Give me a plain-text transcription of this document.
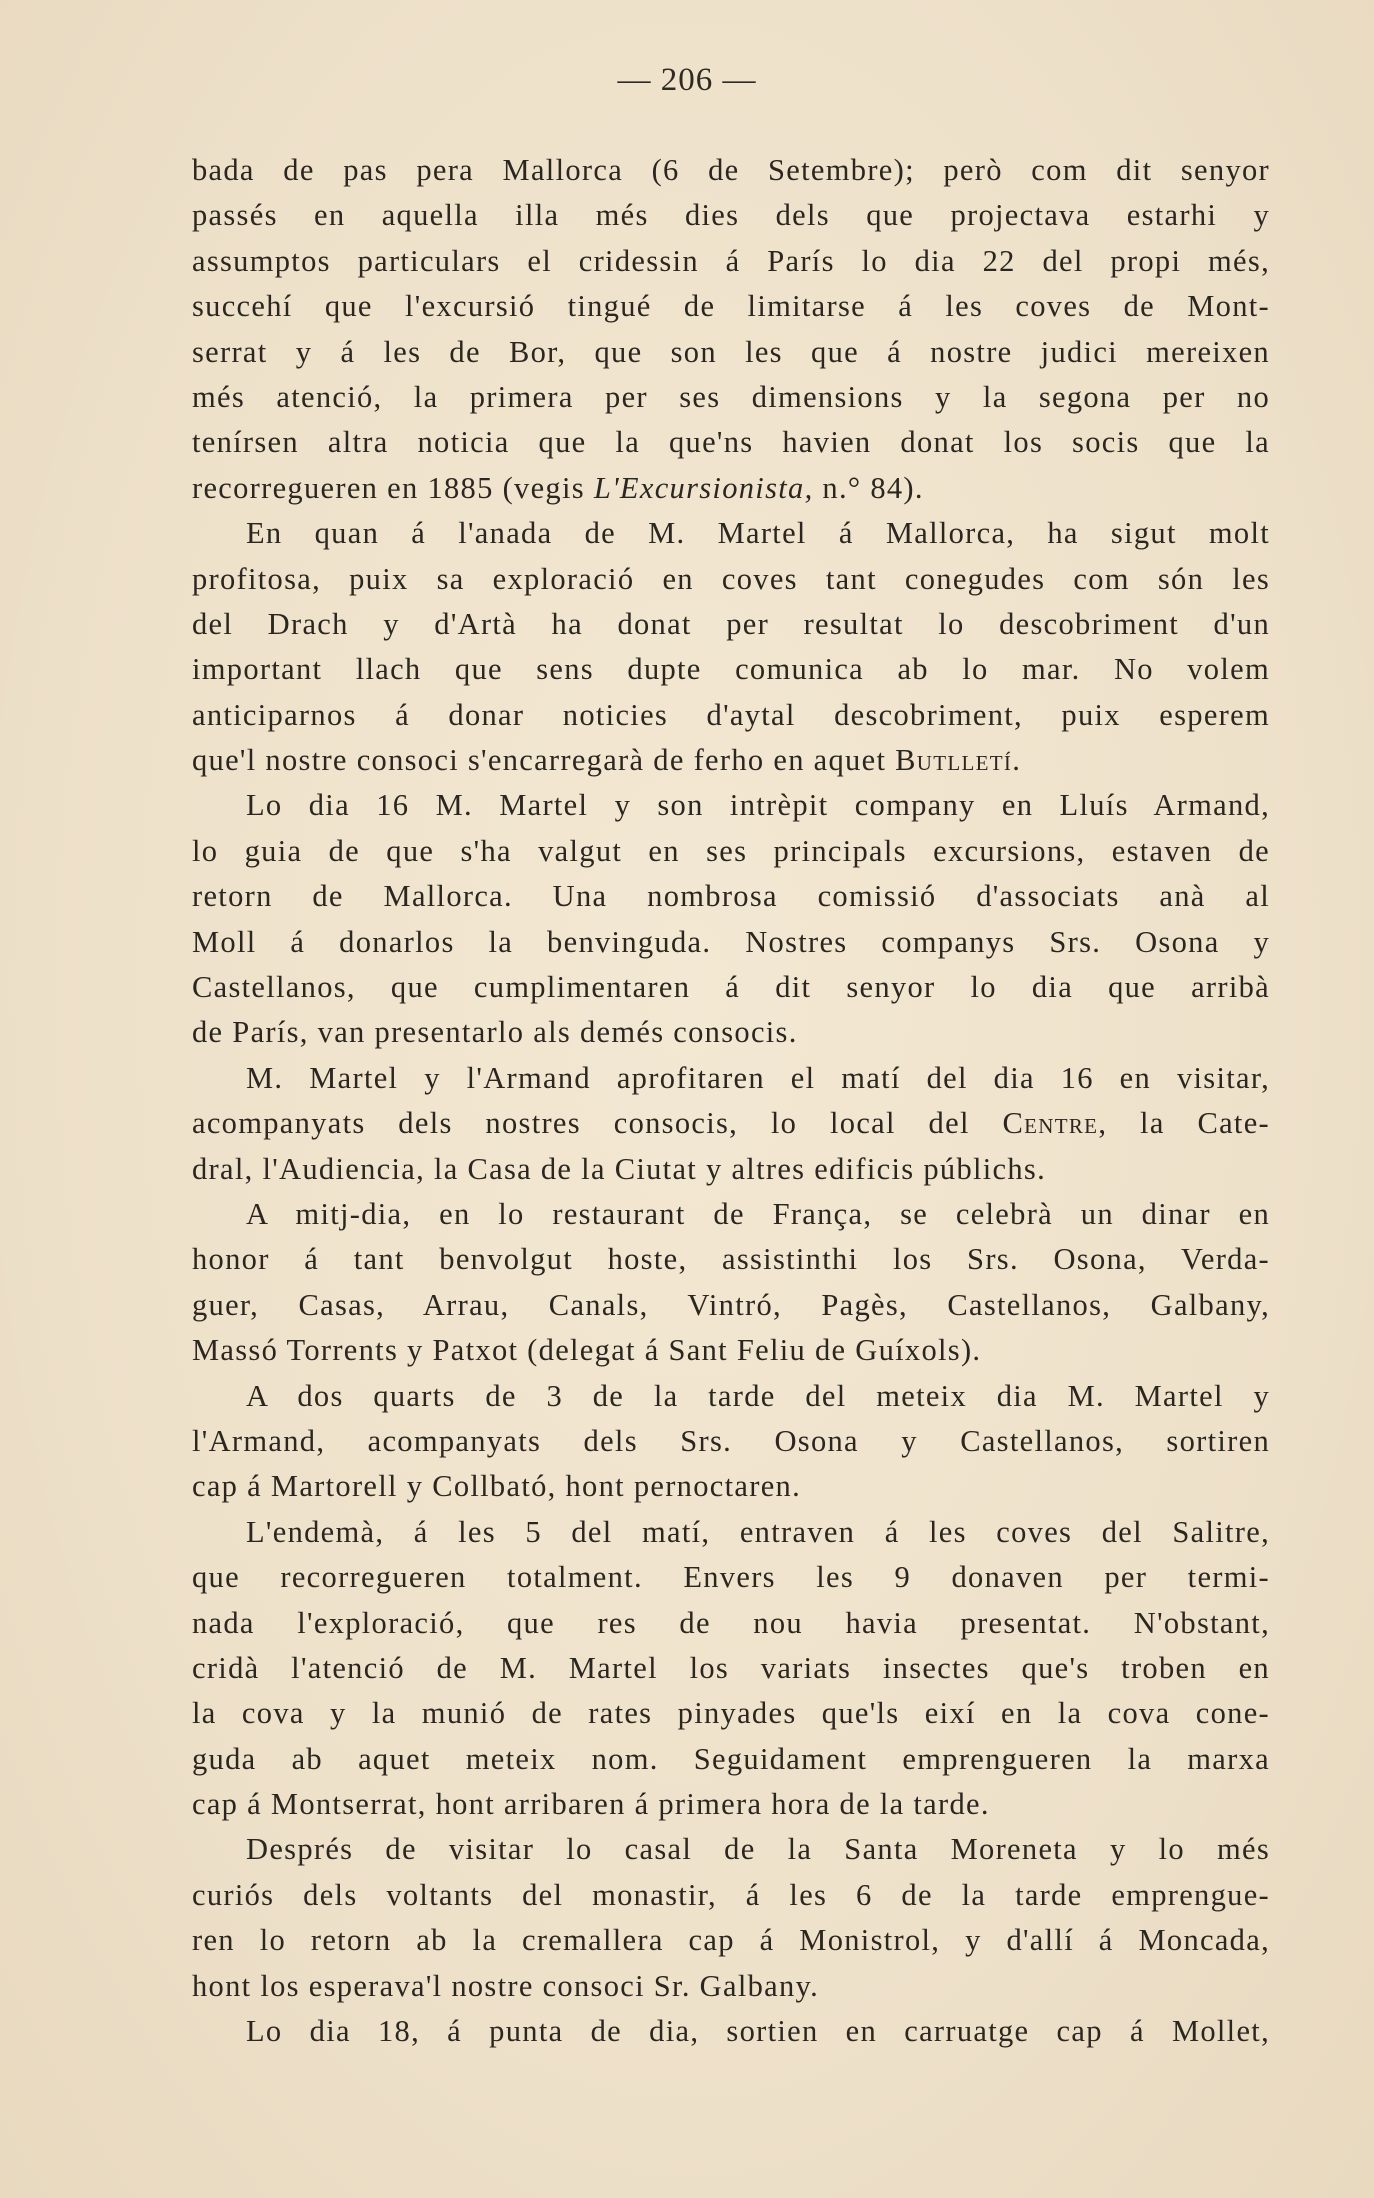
— 206 —
bada de pas pera Mallorca (6 de Setembre); però com dit senyor
passés en aquella illa més dies dels que projectava estarhi y
assumptos particulars el cridessin á París lo dia 22 del propi més,
succehí que l'excursió tingué de limitarse á les coves de Mont-
serrat y á les de Bor, que son les que á nostre judici mereixen
més atenció, la primera per ses dimensions y la segona per no
tenírsen altra noticia que la que'ns havien donat los socis que la
recorregueren en 1885 (vegis L'Excursionista, n.° 84).
En quan á l'anada de M. Martel á Mallorca, ha sigut molt
profitosa, puix sa exploració en coves tant conegudes com són les
del Drach y d'Artà ha donat per resultat lo descobriment d'un
important llach que sens dupte comunica ab lo mar. No volem
anticiparnos á donar noticies d'aytal descobriment, puix esperem
que'l nostre consoci s'encarregarà de ferho en aquet Butlletí.
Lo dia 16 M. Martel y son intrèpit company en Lluís Armand,
lo guia de que s'ha valgut en ses principals excursions, estaven de
retorn de Mallorca. Una nombrosa comissió d'associats anà al
Moll á donarlos la benvinguda. Nostres companys Srs. Osona y
Castellanos, que cumplimentaren á dit senyor lo dia que arribà
de París, van presentarlo als demés consocis.
M. Martel y l'Armand aprofitaren el matí del dia 16 en visitar,
acompanyats dels nostres consocis, lo local del Centre, la Cate-
dral, l'Audiencia, la Casa de la Ciutat y altres edificis públichs.
A mitj-dia, en lo restaurant de França, se celebrà un dinar en
honor á tant benvolgut hoste, assistinthi los Srs. Osona, Verda-
guer, Casas, Arrau, Canals, Vintró, Pagès, Castellanos, Galbany,
Massó Torrents y Patxot (delegat á Sant Feliu de Guíxols).
A dos quarts de 3 de la tarde del meteix dia M. Martel y
l'Armand, acompanyats dels Srs. Osona y Castellanos, sortiren
cap á Martorell y Collbató, hont pernoctaren.
L'endemà, á les 5 del matí, entraven á les coves del Salitre,
que recorregueren totalment. Envers les 9 donaven per termi-
nada l'exploració, que res de nou havia presentat. N'obstant,
cridà l'atenció de M. Martel los variats insectes que's troben en
la cova y la munió de rates pinyades que'ls eixí en la cova cone-
guda ab aquet meteix nom. Seguidament emprengueren la marxa
cap á Montserrat, hont arribaren á primera hora de la tarde.
Després de visitar lo casal de la Santa Moreneta y lo més
curiós dels voltants del monastir, á les 6 de la tarde emprengue-
ren lo retorn ab la cremallera cap á Monistrol, y d'allí á Moncada,
hont los esperava'l nostre consoci Sr. Galbany.
Lo dia 18, á punta de dia, sortien en carruatge cap á Mollet,
